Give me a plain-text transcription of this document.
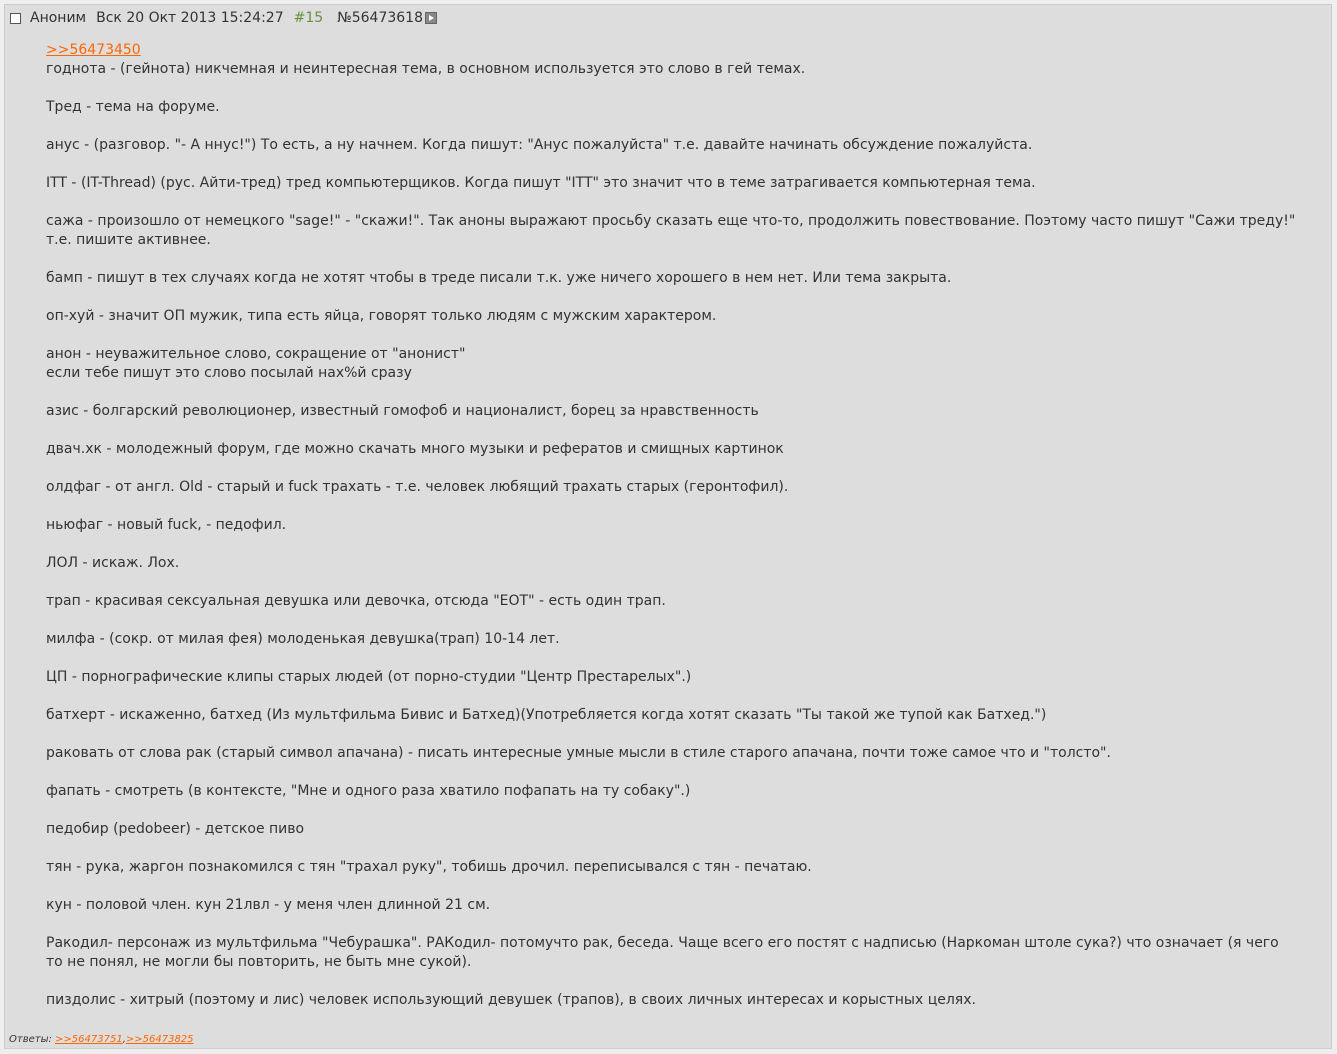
Аноним Вск 20 Окт 2013 15:24:27 #15 №56473618
>>56473450
годнота - (гейнота) никчемная и неинтересная тема, в основном используется это слово в гей темах.
Тред - тема на форуме.
анус - (разговор. "- А ннус!") То есть, а ну начнем. Когда пишут: "Анус пожалуйста" т.е. давайте начинать обсуждение пожалуйста.
ITT - (IT-Thread) (рус. Айти-тред) тред компьютерщиков. Когда пишут "ITT" это значит что в теме затрагивается компьютерная тема.
сажа - произошло от немецкого "sage!" - "скажи!". Так аноны выражают просьбу сказать еще что-то, продолжить повествование. Поэтому часто пишут "Сажи треду!"
т.е. пишите активнее.
бамп - пишут в тех случаях когда не хотят чтобы в треде писали т.к. уже ничего хорошего в нем нет. Или тема закрыта.
оп-хуй - значит ОП мужик, типа есть яйца, говорят только людям с мужским характером.
анон - неуважительное слово, сокращение от "анонист"
если тебе пишут это слово посылай нах%й сразу
азис - болгарский революционер, известный гомофоб и националист, борец за нравственность
двач.хк - молодежный форум, где можно скачать много музыки и рефератов и смищных картинок
олдфаг - от англ. Old - старый и fuck трахать - т.е. человек любящий трахать старых (геронтофил).
ньюфаг - новый fuck, - педофил.
ЛОЛ - искаж. Лох.
трап - красивая сексуальная девушка или девочка, отсюда "ЕОТ" - есть один трап.
милфа - (сокр. от милая фея) молоденькая девушка(трап) 10-14 лет.
ЦП - порнографические клипы старых людей (от порно-студии "Центр Престарелых".)
батхерт - искаженно, батхед (Из мультфильма Бивис и Батхед)(Употребляется когда хотят сказать "Ты такой же тупой как Батхед.")
раковать от слова рак (старый символ апачана) - писать интересные умные мысли в стиле старого апачана, почти тоже самое что и "толсто".
фапать - смотреть (в контексте, "Мне и одного раза хватило пофапать на ту собаку".)
педобир (pedobeer) - детское пиво
тян - рука, жаргон познакомился с тян "трахал руку", тобишь дрочил. переписывался с тян - печатаю.
кун - половой член. кун 21лвл - у меня член длинной 21 см.
Ракодил- персонаж из мультфильма "Чебурашка". РАКодил- потомучто рак, беседа. Чаще всего его постят с надписью (Наркоман штоле сука?) что означает (я чего
то не понял, не могли бы повторить, не быть мне сукой).
пиздолис - хитрый (поэтому и лис) человек использующий девушек (трапов), в своих личных интересах и корыстных целях.
Ответы: >>56473751,>>56473825
